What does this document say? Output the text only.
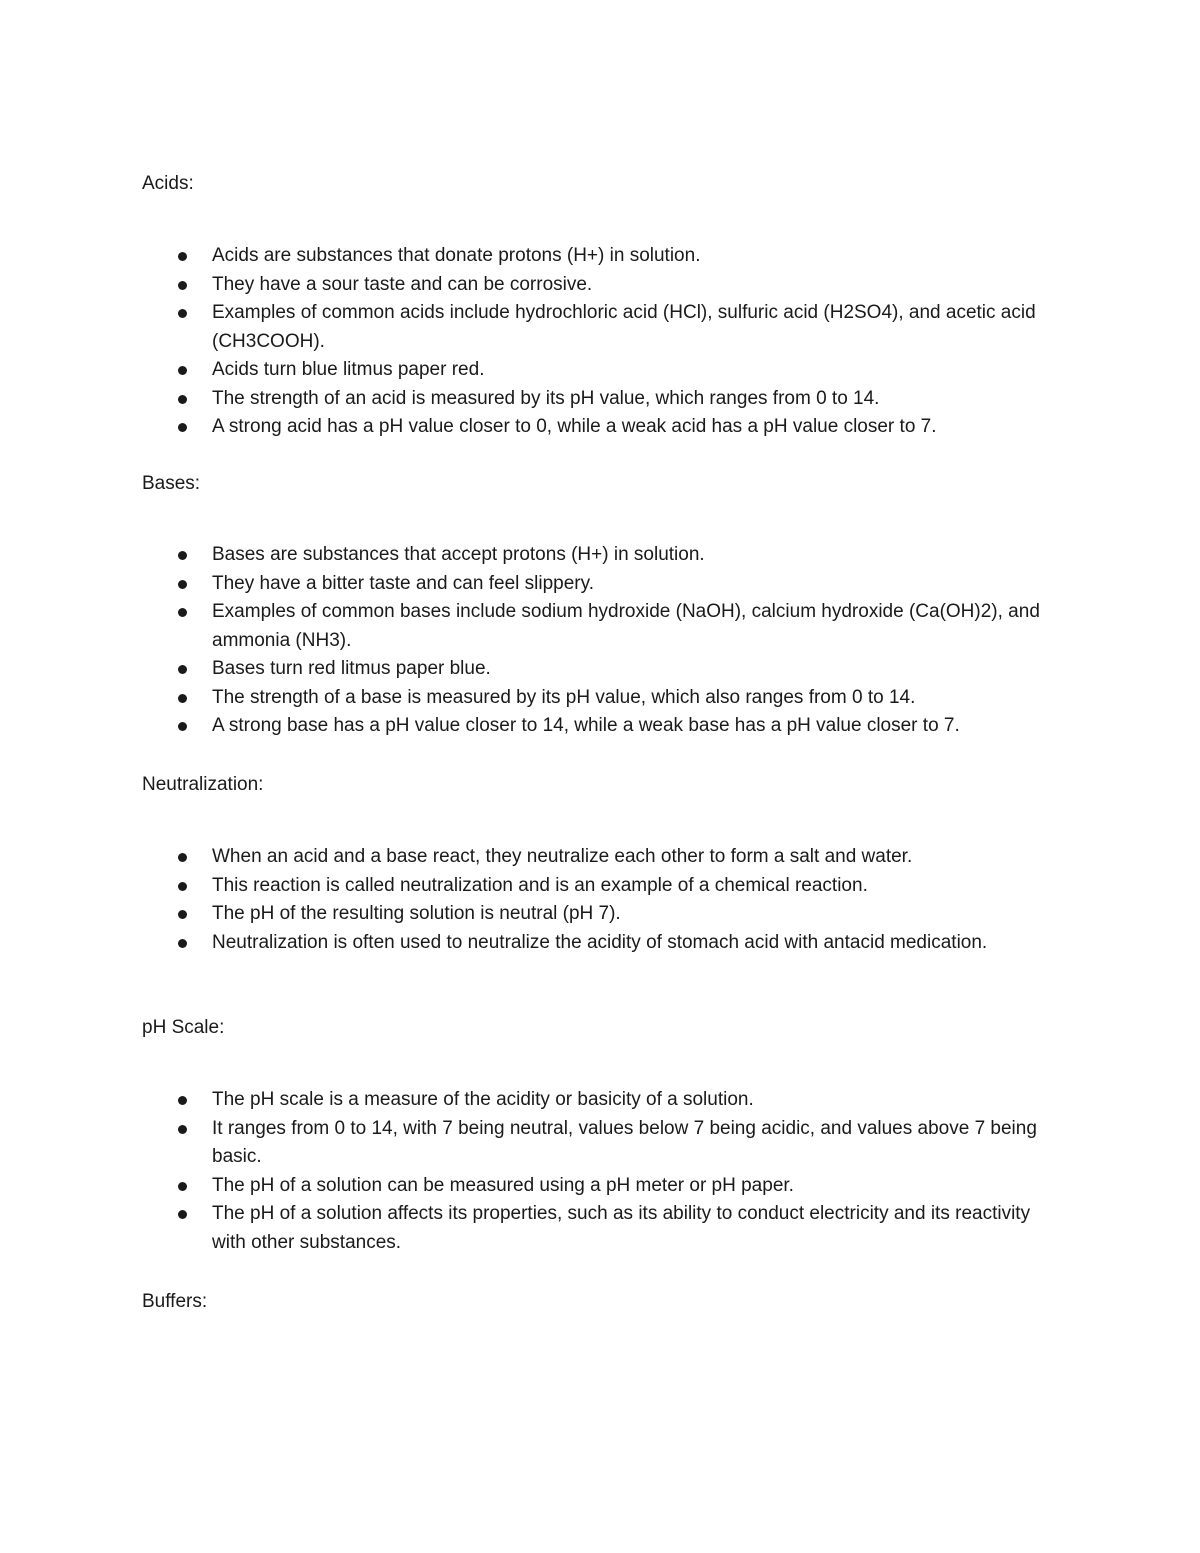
Acids:

Acids are substances that donate protons (H+) in solution.
They have a sour taste and can be corrosive.
Examples of common acids include hydrochloric acid (HCl), sulfuric acid (H2SO4), and acetic acid (CH3COOH).
Acids turn blue litmus paper red.
The strength of an acid is measured by its pH value, which ranges from 0 to 14.
A strong acid has a pH value closer to 0, while a weak acid has a pH value closer to 7.

Bases:

Bases are substances that accept protons (H+) in solution.
They have a bitter taste and can feel slippery.
Examples of common bases include sodium hydroxide (NaOH), calcium hydroxide (Ca(OH)2), and ammonia (NH3).
Bases turn red litmus paper blue.
The strength of a base is measured by its pH value, which also ranges from 0 to 14.
A strong base has a pH value closer to 14, while a weak base has a pH value closer to 7.

Neutralization:

When an acid and a base react, they neutralize each other to form a salt and water.
This reaction is called neutralization and is an example of a chemical reaction.
The pH of the resulting solution is neutral (pH 7).
Neutralization is often used to neutralize the acidity of stomach acid with antacid medication.

pH Scale:

The pH scale is a measure of the acidity or basicity of a solution.
It ranges from 0 to 14, with 7 being neutral, values below 7 being acidic, and values above 7 being basic.
The pH of a solution can be measured using a pH meter or pH paper.
The pH of a solution affects its properties, such as its ability to conduct electricity and its reactivity with other substances.

Buffers:
